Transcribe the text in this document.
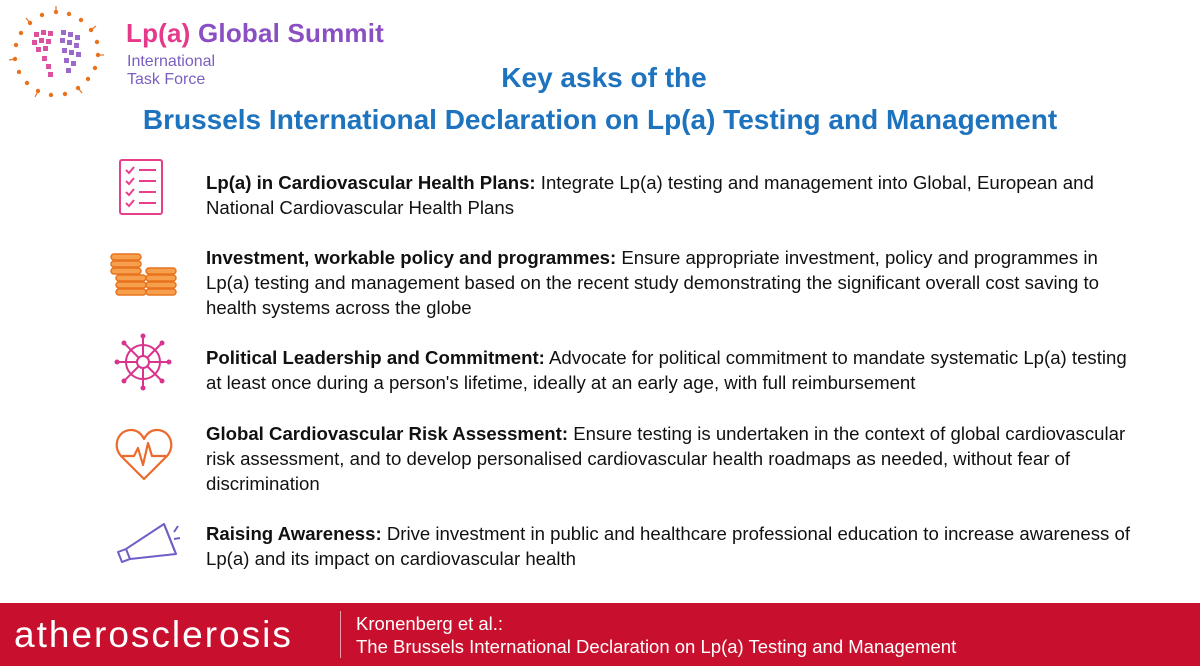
Lp(a) Global Summit
International
Task Force	Key asks of the
Brussels International Declaration on Lp(a) Testing and Management
Lp(a) in Cardiovascular Health Plans: Integrate Lp(a) testing and management into Global, European and National Cardiovascular Health Plans
Investment, workable policy and programmes: Ensure appropriate investment, policy and programmes in Lp(a) testing and management based on the recent study demonstrating the significant overall cost saving to health systems across the globe
Political Leadership and Commitment: Advocate for political commitment to mandate systematic Lp(a) testing at least once during a person's lifetime, ideally at an early age, with full reimbursement
Global Cardiovascular Risk Assessment: Ensure testing is undertaken in the context of global cardiovascular risk assessment, and to develop personalised cardiovascular health roadmaps as needed, without fear of discrimination
Raising Awareness: Drive investment in public and healthcare professional education to increase awareness of Lp(a) and its impact on cardiovascular health
atherosclerosis	Kronenberg et al.:
The Brussels International Declaration on Lp(a) Testing and Management
